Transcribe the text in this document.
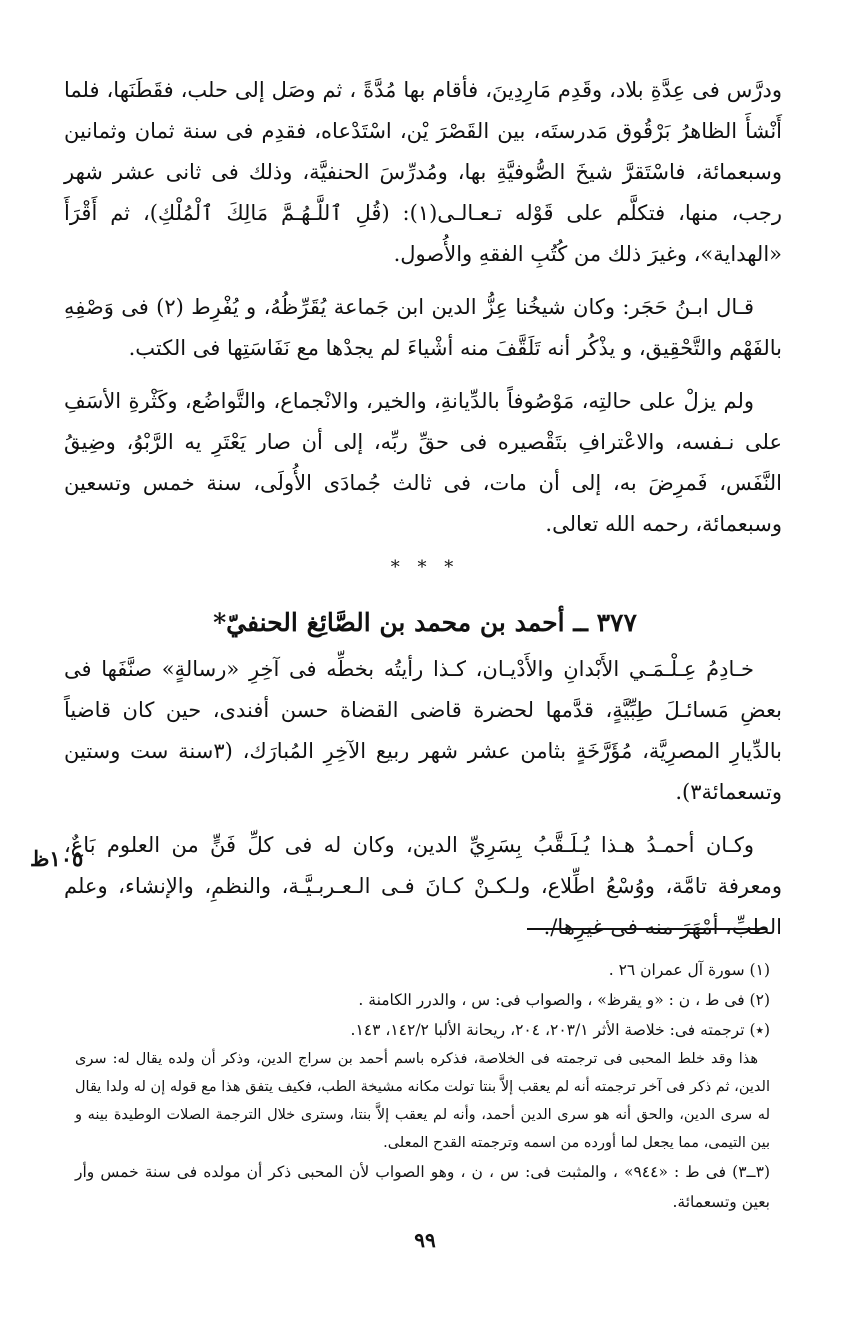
ودرَّس فى عِدَّةِ بلاد، وقَدِم مَارِدِينَ، فأقام بها مُدَّةً ، ثم وصَل إلى حلب، فقَطَنَها، فلما أَنْشأَ الظاهرُ بَرْقُوق مَدرستَه، بين القَصْرَ يْن، اسْتَدْعاه، فقدِم فى سنة ثمان وثمانين وسبعمائة، فاسْتَقرَّ شيخَ الصُّوفيَّةِ بها، ومُدرِّسَ الحنفيَّة، وذلك فى ثانى عشر شهر رجب، منها، فتكلَّم على قَوْله تـعـالـى(١): (قُلِ ٱللَّـهُـمَّ مَالِكَ ٱلْمُلْكِ)، ثم أَقْرَأَ «الهداية»، وغيرَ ذلك من كُتُبِ الفقهِ والأُصول.

قـال ابـنُ حَجَر: وكان شيخُنا عِزُّ الدين ابن جَماعة يُقَرِّظُهُ، و يُفْرِط (٢) فى وَصْفِهِ بالفَهْم والتَّحْقِيق، و يذْكُر أنه تَلَقَّفَ منه أشْياءَ لم يجدْها مع نَفَاسَتِها فى الكتب.

ولم يزلْ على حالتِه، مَوْصُوفاً بالدِّيانةِ، والخير، والانْجماع، والتَّواضُع، وكَثْرةِ الأسَفِ على نـفسه، والاعْترافِ بتَقْصيره فى حقِّ ربِّه، إلى أن صار يَعْتَرِ يه الرَّبْوُ، وضِيقُ النَّفَس، فَمرِضَ به، إلى أن مات، فى ثالث جُمادَى الأُولَى، سنة خمس وتسعين وسبعمائة، رحمه الله تعالى.

* * *
٣٧٧ ــ أحمد بن محمد بن الصَّائِغ الحنفيّ*

خـادِمُ عِـلْـمَـي الأَبْدانِ والأَدْيـان، كـذا رأيتُه بخطِّه فى آخِرِ «رسالةٍ» صنَّفَها فى بعضِ مَسائـلَ طِبِّيَّةٍ، قدَّمها لحضرة قاضى القضاة حسن أفندى، حين كان قاضياً بالدِّيارِ المصرِيَّة، مُؤَرَّخَةٍ بثامن عشر شهر ربيع الآخِرِ المُبارَك، (٣سنة ست وستين وتسعمائة٣).

وكـان أحمـدُ هـذا يُـلَـقَّبُ بِسَرِيِّ الدين، وكان له فى كلِّ فَنٍّ من العلوم بَاعٌ، ومعرفة تامَّة، ووُسْعُ اطِّلاع، ولـكـنْ كـانَ فـى الـعـربـيَّـة، والنظمِ، والإنشاء، وعلم الطبِّ، أمْهَرَ منه فى غيرِها/.

١٠٥ظ

(١) سورة آل عمران ٢٦ .

(٢) فى ط ، ن : «و يقرظ» ، والصواب فى: س ، والدرر الكامنة .

(٭) ترجمته فى: خلاصة الأثر ٢٠٣/١، ٢٠٤، ريحانة الألبا ١٤٢/٢، ١٤٣.

هذا وقد خلط المحبى فى ترجمته فى الخلاصة، فذكره باسم أحمد بن سراج الدين، وذكر أن ولده يقال له: سرى الدين، ثم ذكر فى آخر ترجمته أنه لم يعقب إلاَّ بنتا تولت مكانه مشيخة الطب، فكيف يتفق هذا مع قوله إن له ولدا يقال له سرى الدين، والحق أنه هو سرى الدين أحمد، وأنه لم يعقب إلاَّ بنتا، وسترى خلال الترجمة الصلات الوطيدة بينه و بين التيمى، مما يجعل لما أورده من اسمه وترجمته القدح المعلى.

(٣ــ٣) فى ط : «٩٤٤» ، والمثبت فى: س ، ن ، وهو الصواب لأن المحبى ذكر أن مولده فى سنة خمس وأر بعين وتسعمائة.

٩٩
